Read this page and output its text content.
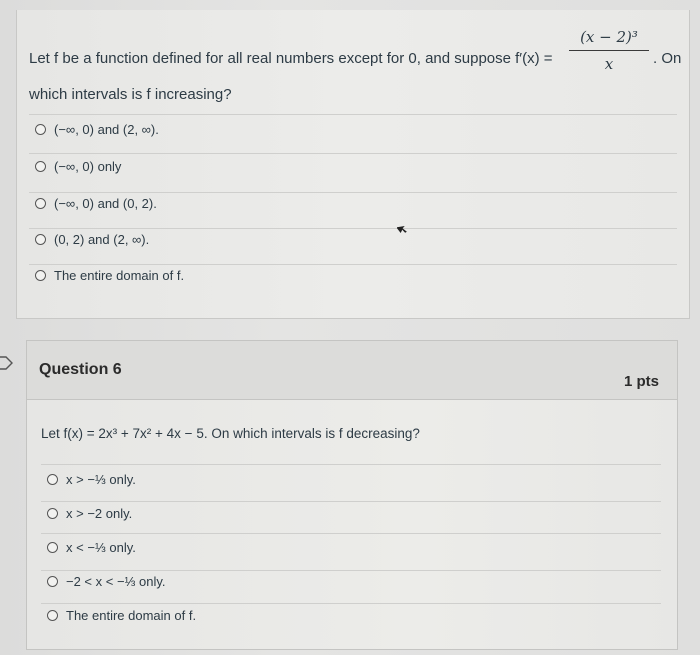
Let f be a function defined for all real numbers except for 0, and suppose f′(x) =
(x − 2)³
x	. On
which intervals is f increasing?
(−∞, 0) and (2, ∞).
(−∞, 0) only
(−∞, 0) and (0, 2).
(0, 2) and (2, ∞).
The entire domain of f.
Question 6
1 pts
Let f(x) = 2x³ + 7x² + 4x − 5. On which intervals is f decreasing?
x > −⅓ only.
x > −2 only.
x < −⅓ only.
−2 < x < −⅓ only.
The entire domain of f.
